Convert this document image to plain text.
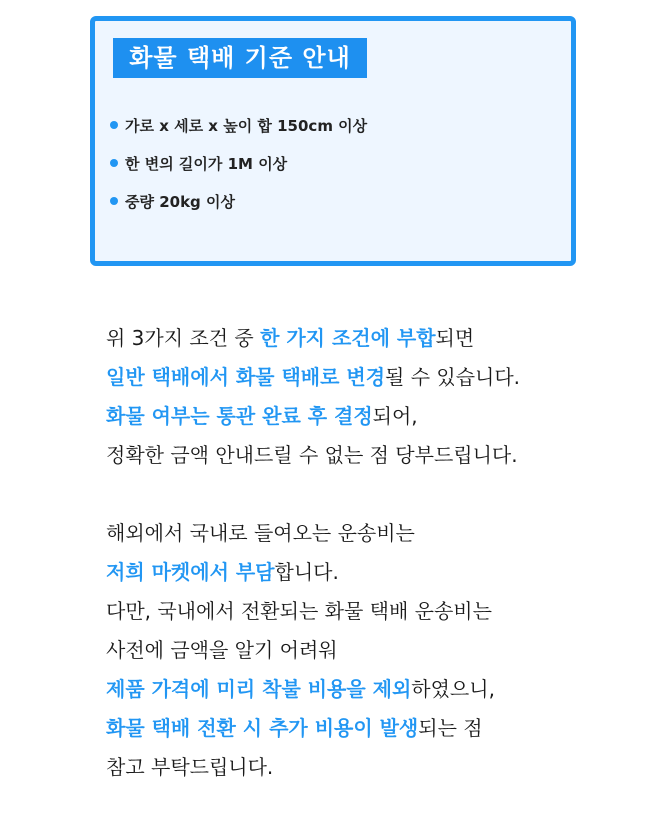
화물 택배 기준 안내
가로 x 세로 x 높이 합 150cm 이상
한 변의 길이가 1M 이상
중량 20kg 이상
위 3가지 조건 중 한 가지 조건에 부합되면
일반 택배에서 화물 택배로 변경될 수 있습니다.
화물 여부는 통관 완료 후 결정되어,
정확한 금액 안내드릴 수 없는 점 당부드립니다.
해외에서 국내로 들여오는 운송비는
저희 마켓에서 부담합니다.
다만, 국내에서 전환되는 화물 택배 운송비는
사전에 금액을 알기 어려워
제품 가격에 미리 착불 비용을 제외하였으니,
화물 택배 전환 시 추가 비용이 발생되는 점
참고 부탁드립니다.
